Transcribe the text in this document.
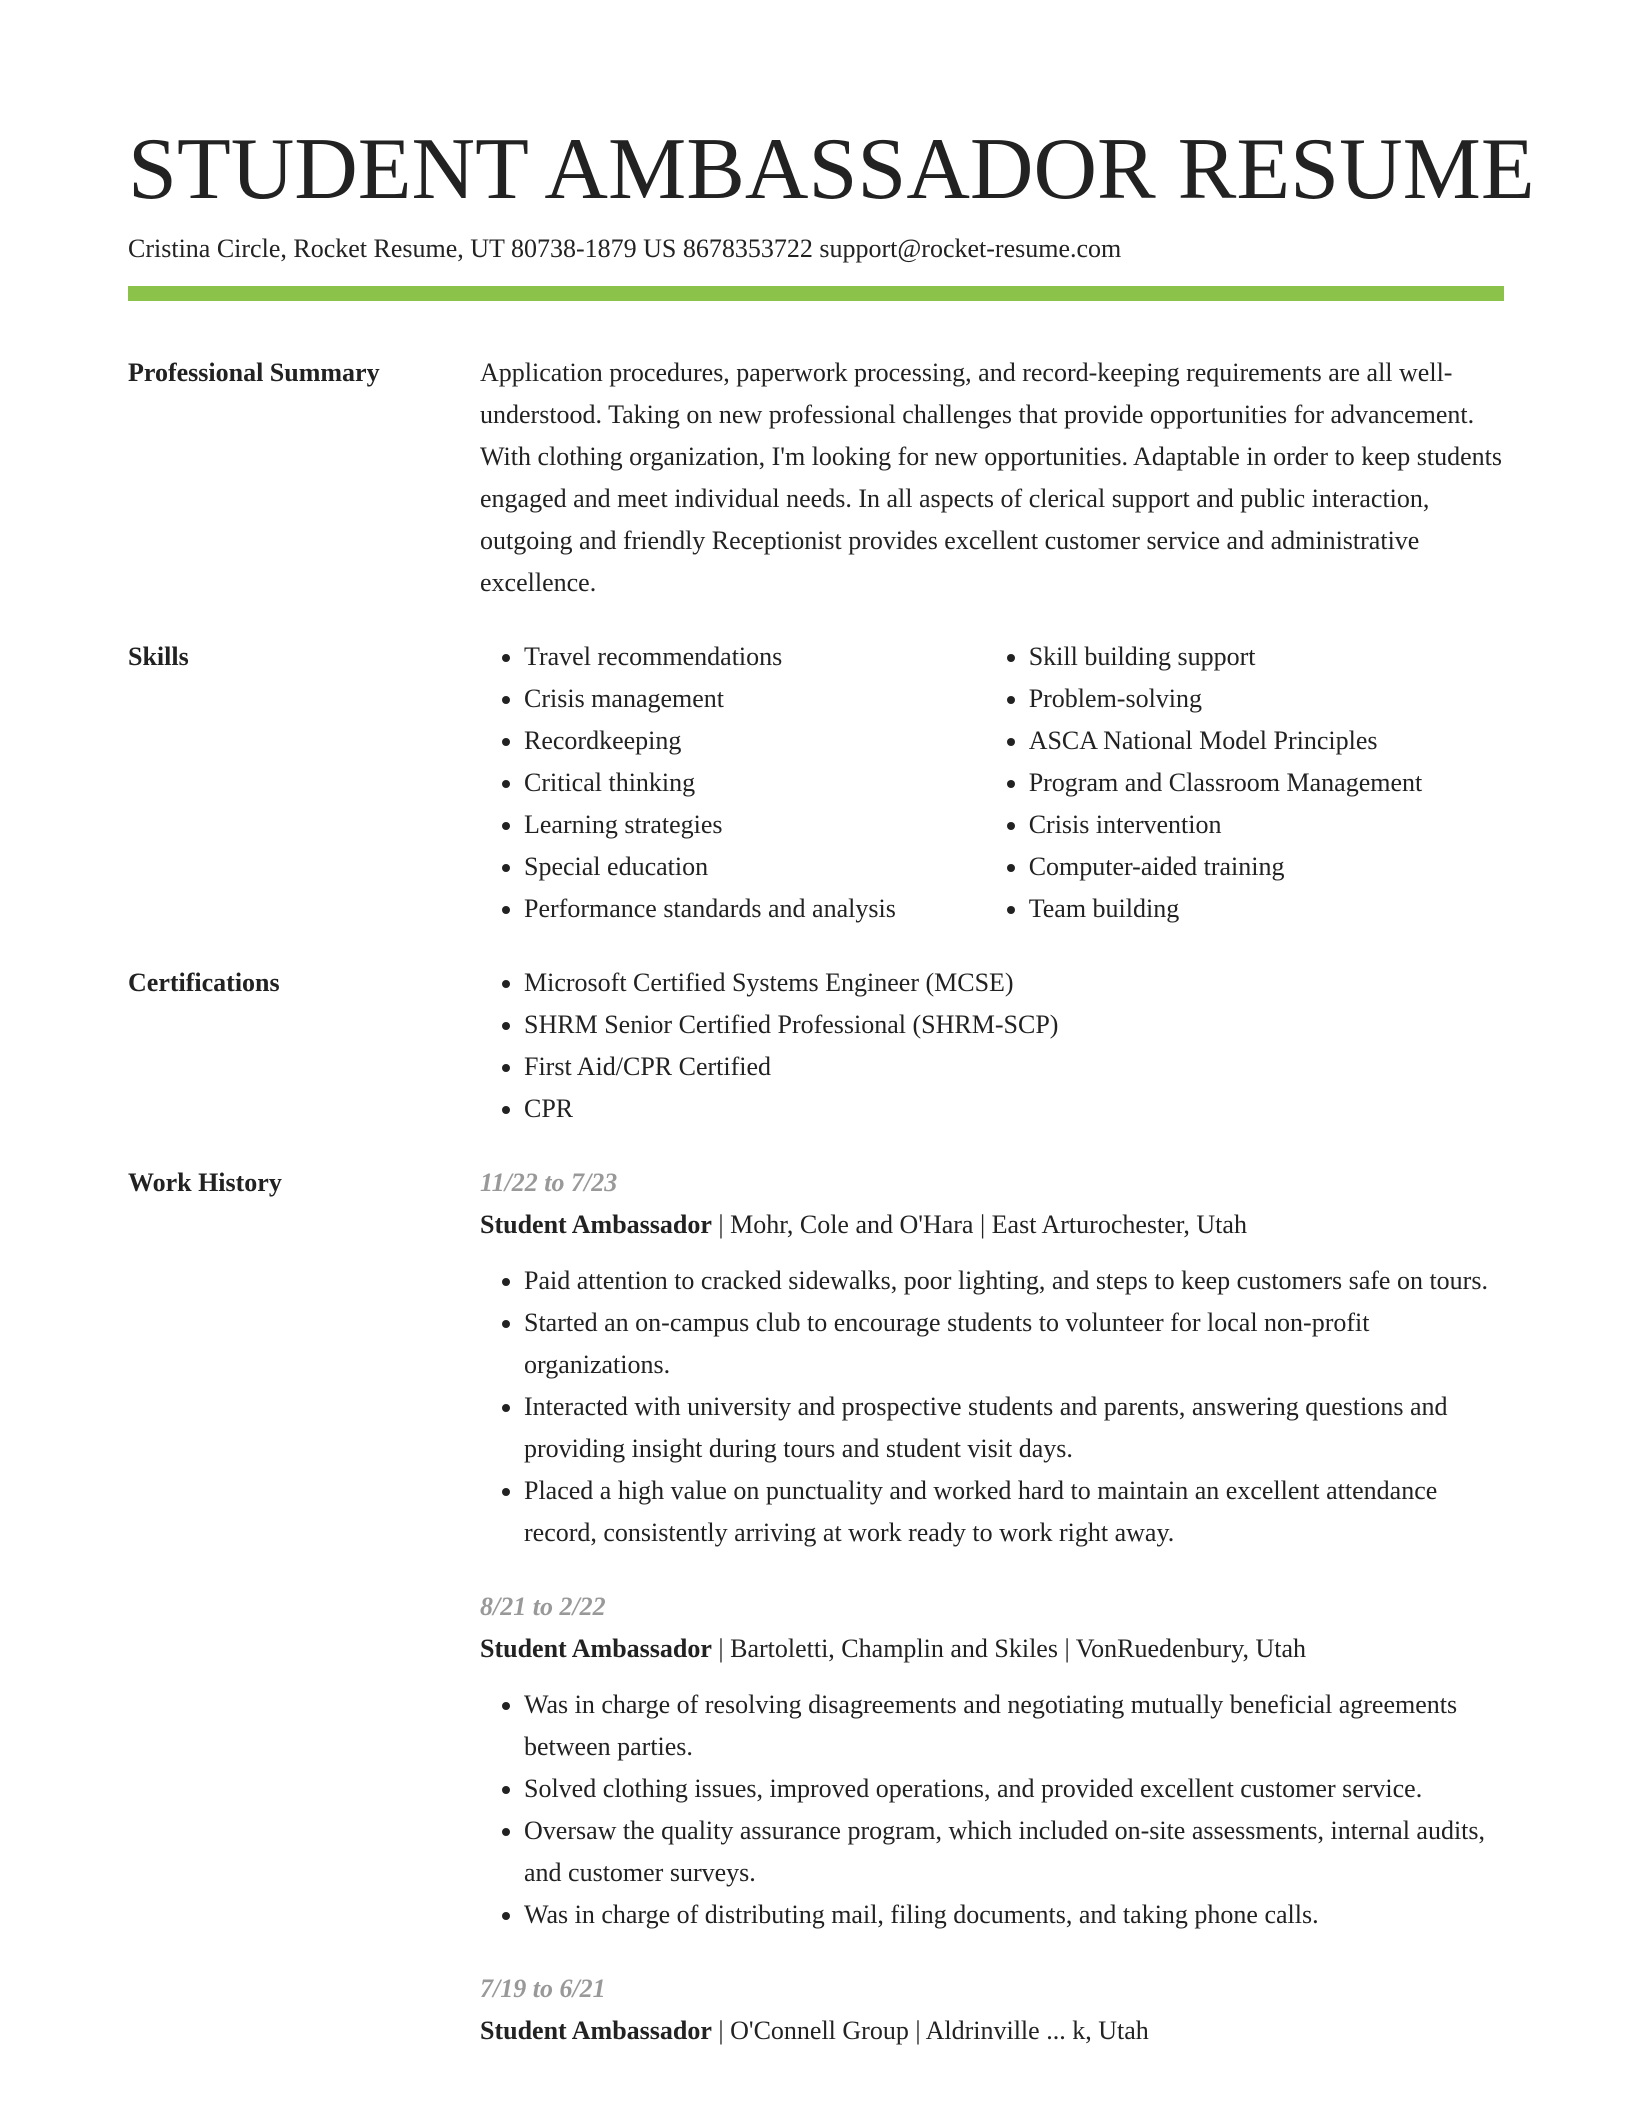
STUDENT AMBASSADOR RESUME
Cristina Circle, Rocket Resume, UT 80738-1879 US 8678353722 support@rocket-resume.com
Professional Summary	Application procedures, paperwork processing, and record-keeping requirements are all well-understood. Taking on new professional challenges that provide opportunities for advancement. With clothing organization, I'm looking for new opportunities. Adaptable in order to keep students engaged and meet individual needs. In all aspects of clerical support and public interaction, outgoing and friendly Receptionist provides excellent customer service and administrative excellence.

Skills	• Travel recommendations
• Crisis management
• Recordkeeping
• Critical thinking
• Learning strategies
• Special education
• Performance standards and analysis
• Skill building support
• Problem-solving
• ASCA National Model Principles
• Program and Classroom Management
• Crisis intervention
• Computer-aided training
• Team building
Certifications	• Microsoft Certified Systems Engineer (MCSE)
• SHRM Senior Certified Professional (SHRM-SCP)
• First Aid/CPR Certified
• CPR
Work History	11/22 to 7/23
Student Ambassador | Mohr, Cole and O'Hara | East Arturochester, Utah
• Paid attention to cracked sidewalks, poor lighting, and steps to keep customers safe on tours.
• Started an on-campus club to encourage students to volunteer for local non-profit organizations.
• Interacted with university and prospective students and parents, answering questions and providing insight during tours and student visit days.
• Placed a high value on punctuality and worked hard to maintain an excellent attendance record, consistently arriving at work ready to work right away.
8/21 to 2/22
Student Ambassador | Bartoletti, Champlin and Skiles | VonRuedenbury, Utah
• Was in charge of resolving disagreements and negotiating mutually beneficial agreements between parties.
• Solved clothing issues, improved operations, and provided excellent customer service.
• Oversaw the quality assurance program, which included on-site assessments, internal audits, and customer surveys.
• Was in charge of distributing mail, filing documents, and taking phone calls.
7/19 to 6/21
Student Ambassador | O'Connell Group | Aldrinville ... k, Utah
